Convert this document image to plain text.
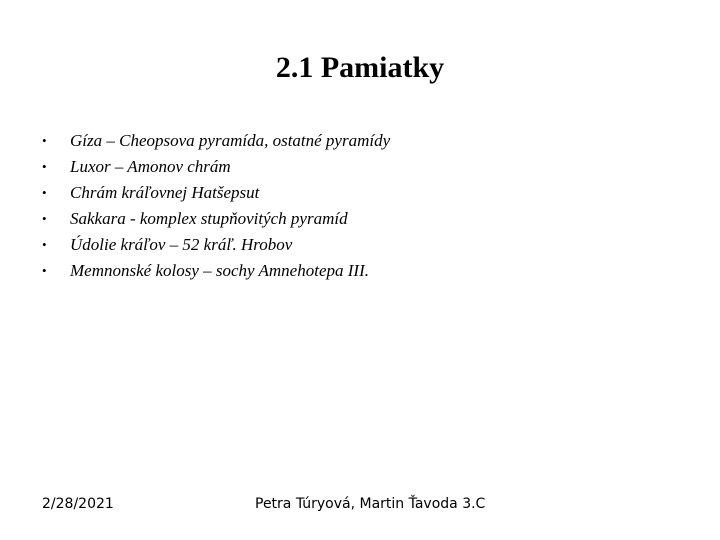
2.1 Pamiatky
•	Gíza – Cheopsova pyramída, ostatné pyramídy
•	Luxor – Amonov chrám
•	Chrám kráľovnej Hatšepsut
•	Sakkara - komplex stupňovitých pyramíd
•	Údolie kráľov – 52 kráľ. Hrobov
•	Memnonské kolosy – sochy Amnehotepa III.
2/28/2021	Petra Túryová, Martin Ťavoda 3.C
